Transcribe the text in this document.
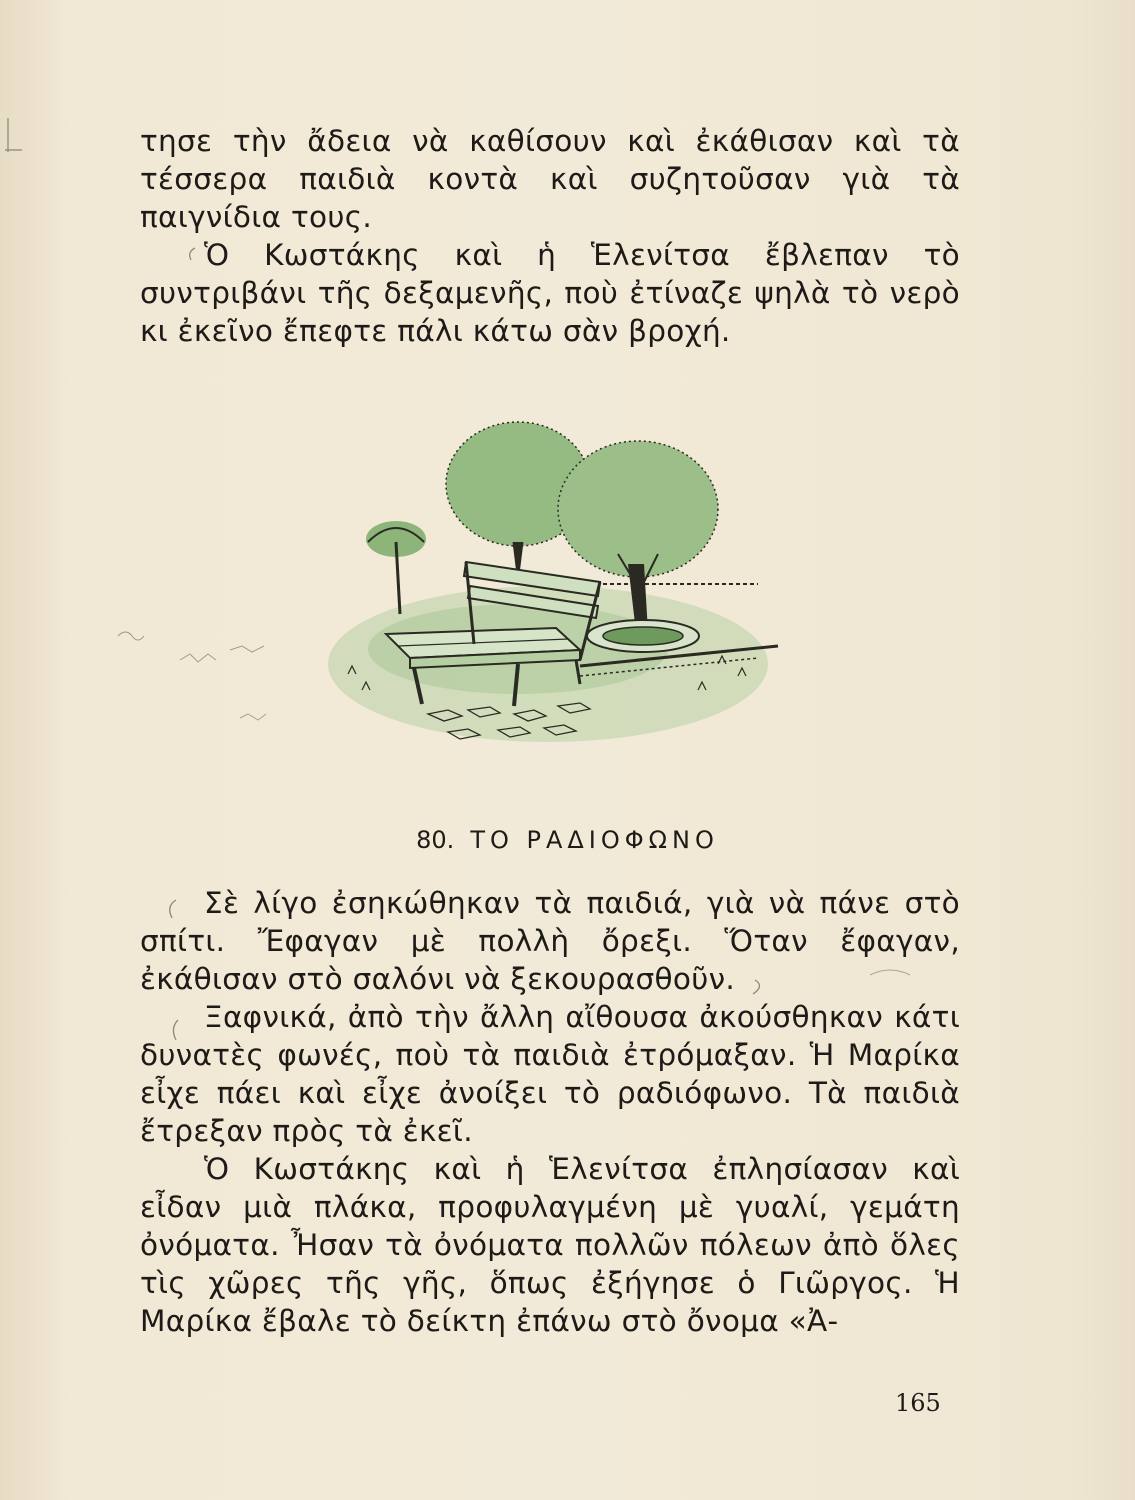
τησε τὴν ἄδεια νὰ καθίσουν καὶ ἐκάθισαν καὶ τὰ τέσσερα παιδιὰ κοντὰ καὶ συζητοῦσαν γιὰ τὰ παιγνίδια τους.

Ὁ Κωστάκης καὶ ἡ Ἑλενίτσα ἔβλεπαν τὸ συντριβάνι τῆς δεξαμενῆς, ποὺ ἐτίναζε ψηλὰ τὸ νερὸ κι ἐκεῖνο ἔπεφτε πάλι κάτω σὰν βροχή.

80. ΤΟ ΡΑΔΙΟΦΩΝΟ

Σὲ λίγο ἐσηκώθηκαν τὰ παιδιά, γιὰ νὰ πάνε στὸ σπίτι. Ἔφαγαν μὲ πολλὴ ὄρεξι. Ὅταν ἔφαγαν, ἐκάθισαν στὸ σαλόνι νὰ ξεκουρασθοῦν.

Ξαφνικά, ἀπὸ τὴν ἄλλη αἴθουσα ἀκούσθηκαν κάτι δυνατὲς φωνές, ποὺ τὰ παιδιὰ ἐτρόμαξαν. Ἡ Μαρίκα εἶχε πάει καὶ εἶχε ἀνοίξει τὸ ραδιόφωνο. Τὰ παιδιὰ ἔτρεξαν πρὸς τὰ ἐκεῖ.

Ὁ Κωστάκης καὶ ἡ Ἑλενίτσα ἐπλησίασαν καὶ εἶδαν μιὰ πλάκα, προφυλαγμένη μὲ γυαλί, γεμάτη ὀνόματα. Ἦσαν τὰ ὀνόματα πολλῶν πόλεων ἀπὸ ὅλες τὶς χῶρες τῆς γῆς, ὅπως ἐξήγησε ὁ Γιῶργος. Ἡ Μαρίκα ἔβαλε τὸ δείκτη ἐπάνω στὸ ὄνομα «Ἀ-

165
